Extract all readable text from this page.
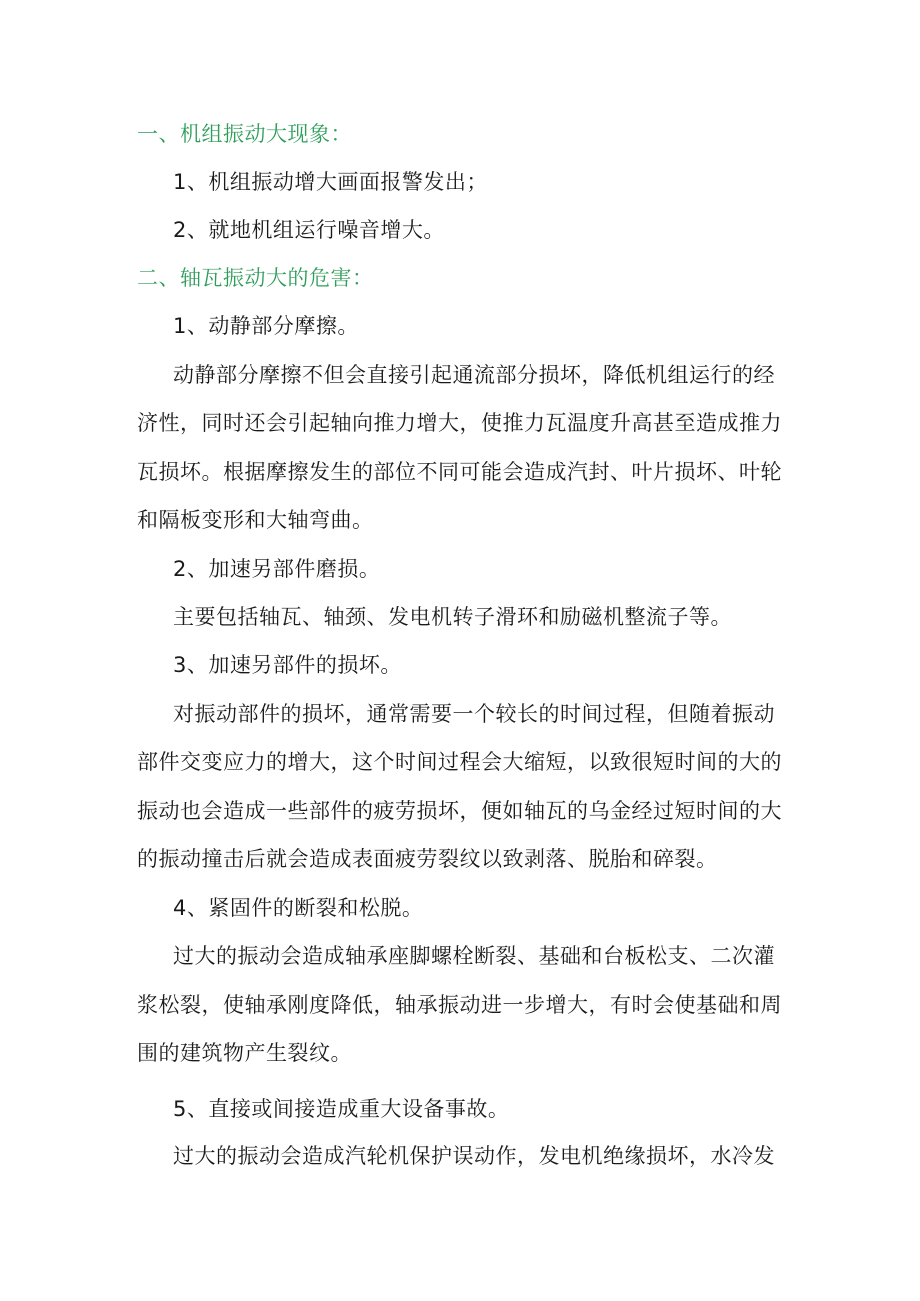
一、机组振动大现象：
1、机组振动增大画面报警发出；
2、就地机组运行噪音增大。
二、轴瓦振动大的危害：
1、动静部分摩擦。
动静部分摩擦不但会直接引起通流部分损坏，降低机组运行的经
济性，同时还会引起轴向推力增大，使推力瓦温度升高甚至造成推力
瓦损坏。根据摩擦发生的部位不同可能会造成汽封、叶片损坏、叶轮
和隔板变形和大轴弯曲。
2、加速另部件磨损。
主要包括轴瓦、轴颈、发电机转子滑环和励磁机整流子等。
3、加速另部件的损坏。
对振动部件的损坏，通常需要一个较长的时间过程，但随着振动
部件交变应力的增大，这个时间过程会大缩短，以致很短时间的大的
振动也会造成一些部件的疲劳损坏，便如轴瓦的乌金经过短时间的大
的振动撞击后就会造成表面疲劳裂纹以致剥落、脱胎和碎裂。
4、紧固件的断裂和松脱。
过大的振动会造成轴承座脚螺栓断裂、基础和台板松支、二次灌
浆松裂，使轴承刚度降低，轴承振动进一步增大，有时会使基础和周
围的建筑物产生裂纹。
5、直接或间接造成重大设备事故。
过大的振动会造成汽轮机保护误动作，发电机绝缘损坏，水冷发
